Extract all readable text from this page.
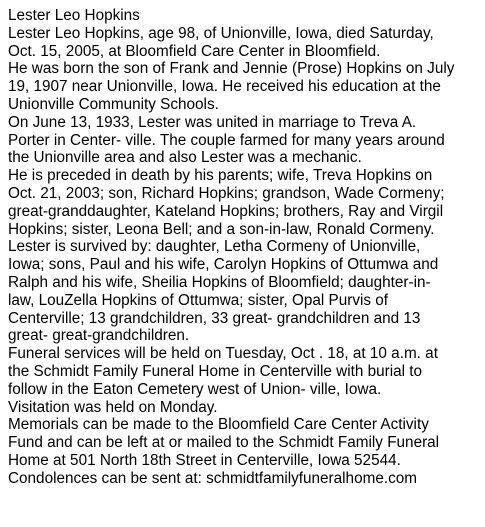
Lester Leo Hopkins
Lester Leo Hopkins, age 98, of Unionville, Iowa, died Saturday,
Oct. 15, 2005, at Bloomfield Care Center in Bloomfield.
He was born the son of Frank and Jennie (Prose) Hopkins on July
19, 1907 near Unionville, Iowa. He received his education at the
Unionville Community Schools.
On June 13, 1933, Lester was united in marriage to Treva A.
Porter in Center- ville. The couple farmed for many years around
the Unionville area and also Lester was a mechanic.
He is preceded in death by his parents; wife, Treva Hopkins on
Oct. 21, 2003; son, Richard Hopkins; grandson, Wade Cormeny;
great-granddaughter, Kateland Hopkins; brothers, Ray and Virgil
Hopkins; sister, Leona Bell; and a son-in-law, Ronald Cormeny.
Lester is survived by: daughter, Letha Cormeny of Unionville,
Iowa; sons, Paul and his wife, Carolyn Hopkins of Ottumwa and
Ralph and his wife, Sheilia Hopkins of Bloomfield; daughter-in-
law, LouZella Hopkins of Ottumwa; sister, Opal Purvis of
Centerville; 13 grandchildren, 33 great- grandchildren and 13
great- great-grandchildren.
Funeral services will be held on Tuesday, Oct . 18, at 10 a.m. at
the Schmidt Family Funeral Home in Centerville with burial to
follow in the Eaton Cemetery west of Union- ville, Iowa.
Visitation was held on Monday.
Memorials can be made to the Bloomfield Care Center Activity
Fund and can be left at or mailed to the Schmidt Family Funeral
Home at 501 North 18th Street in Centerville, Iowa 52544.
Condolences can be sent at: schmidtfamilyfuneralhome.com
